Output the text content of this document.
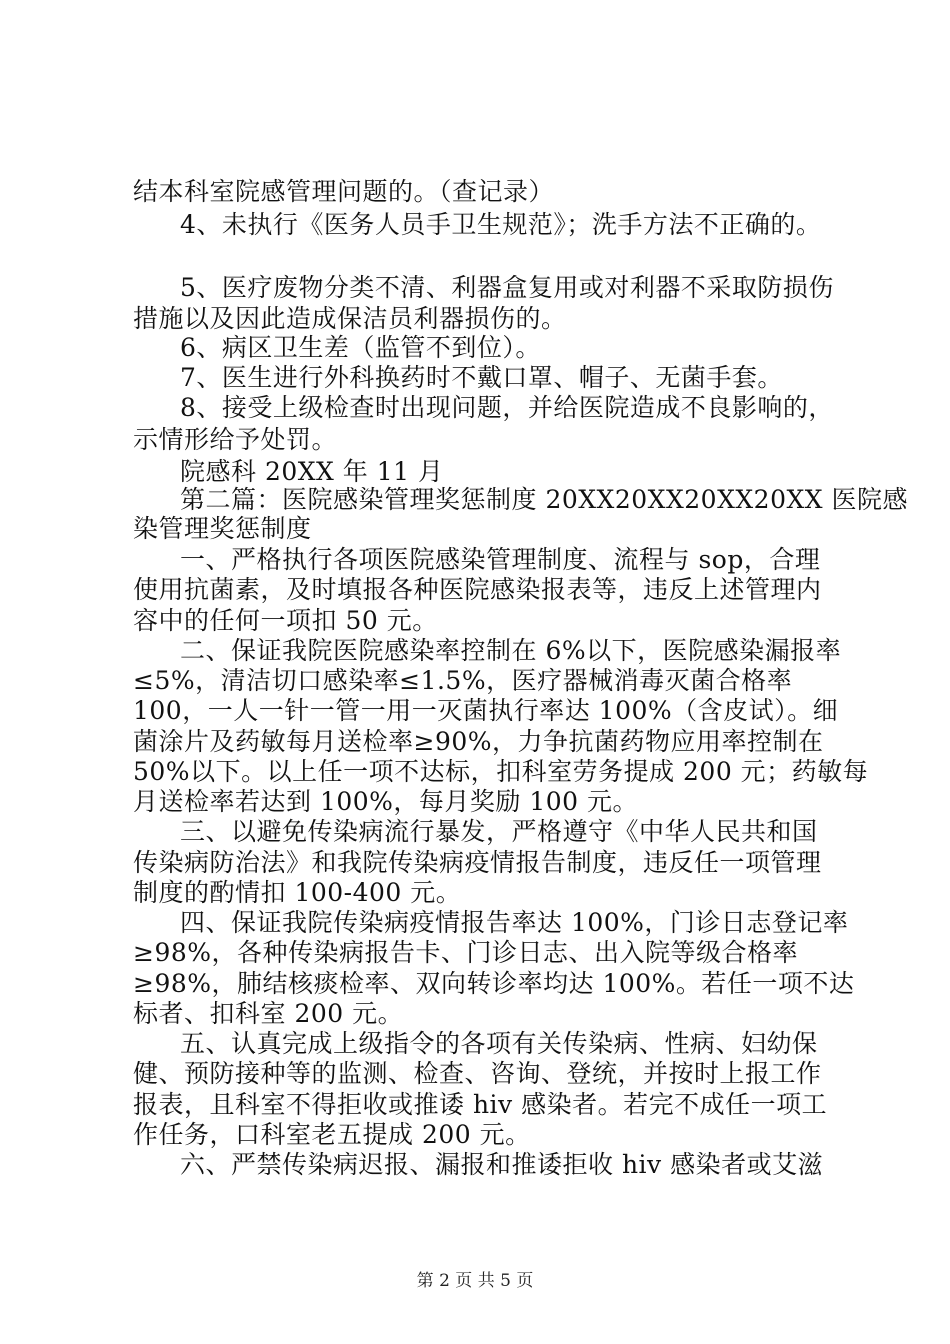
结本科室院感管理问题的。（查记录）
4、未执行《医务人员手卫生规范》；洗手方法不正确的。
5、医疗废物分类不清、利器盒复用或对利器不采取防损伤
措施以及因此造成保洁员利器损伤的。
6、病区卫生差（监管不到位）。
7、医生进行外科换药时不戴口罩、帽子、无菌手套。
8、接受上级检查时出现问题，并给医院造成不良影响的，
示情形给予处罚。
院感科 20XX 年 11 月
第二篇：医院感染管理奖惩制度 20XX20XX20XX20XX 医院感
染管理奖惩制度
一、严格执行各项医院感染管理制度、流程与 sop，合理
使用抗菌素，及时填报各种医院感染报表等，违反上述管理内
容中的任何一项扣 50 元。
二、保证我院医院感染率控制在 6%以下，医院感染漏报率
≤5%，清洁切口感染率≤1.5%，医疗器械消毒灭菌合格率
100，一人一针一管一用一灭菌执行率达 100%（含皮试）。细
菌涂片及药敏每月送检率≥90%，力争抗菌药物应用率控制在
50%以下。以上任一项不达标，扣科室劳务提成 200 元；药敏每
月送检率若达到 100%，每月奖励 100 元。
三、以避免传染病流行暴发，严格遵守《中华人民共和国
传染病防治法》和我院传染病疫情报告制度，违反任一项管理
制度的酌情扣 100-400 元。
四、保证我院传染病疫情报告率达 100%，门诊日志登记率
≥98%，各种传染病报告卡、门诊日志、出入院等级合格率
≥98%，肺结核痰检率、双向转诊率均达 100%。若任一项不达
标者、扣科室 200 元。
五、认真完成上级指令的各项有关传染病、性病、妇幼保
健、预防接种等的监测、检查、咨询、登统，并按时上报工作
报表，且科室不得拒收或推诿 hiv 感染者。若完不成任一项工
作任务，口科室老五提成 200 元。
六、严禁传染病迟报、漏报和推诿拒收 hiv 感染者或艾滋
第 2 页 共 5 页
